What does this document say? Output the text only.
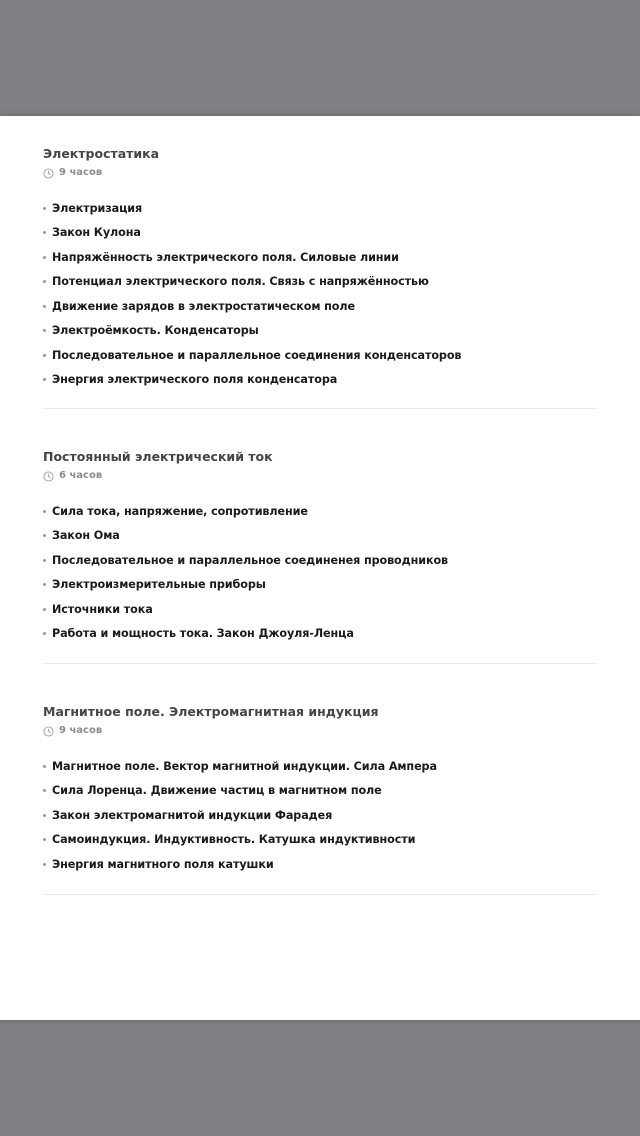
Электростатика
9 часов
Электризация
Закон Кулона
Напряжённость электрического поля. Силовые линии
Потенциал электрического поля. Связь с напряжённостью
Движение зарядов в электростатическом поле
Электроёмкость. Конденсаторы
Последовательное и параллельное соединения конденсаторов
Энергия электрического поля конденсатора
Постоянный электрический ток
6 часов
Сила тока, напряжение, сопротивление
Закон Ома
Последовательное и параллельное соединенея проводников
Электроизмерительные приборы
Источники тока
Работа и мощность тока. Закон Джоуля-Ленца
Магнитное поле. Электромагнитная индукция
9 часов
Магнитное поле. Вектор магнитной индукции. Сила Ампера
Сила Лоренца. Движение частиц в магнитном поле
Закон электромагнитой индукции Фарадея
Самоиндукция. Индуктивность. Катушка индуктивности
Энергия магнитного поля катушки
